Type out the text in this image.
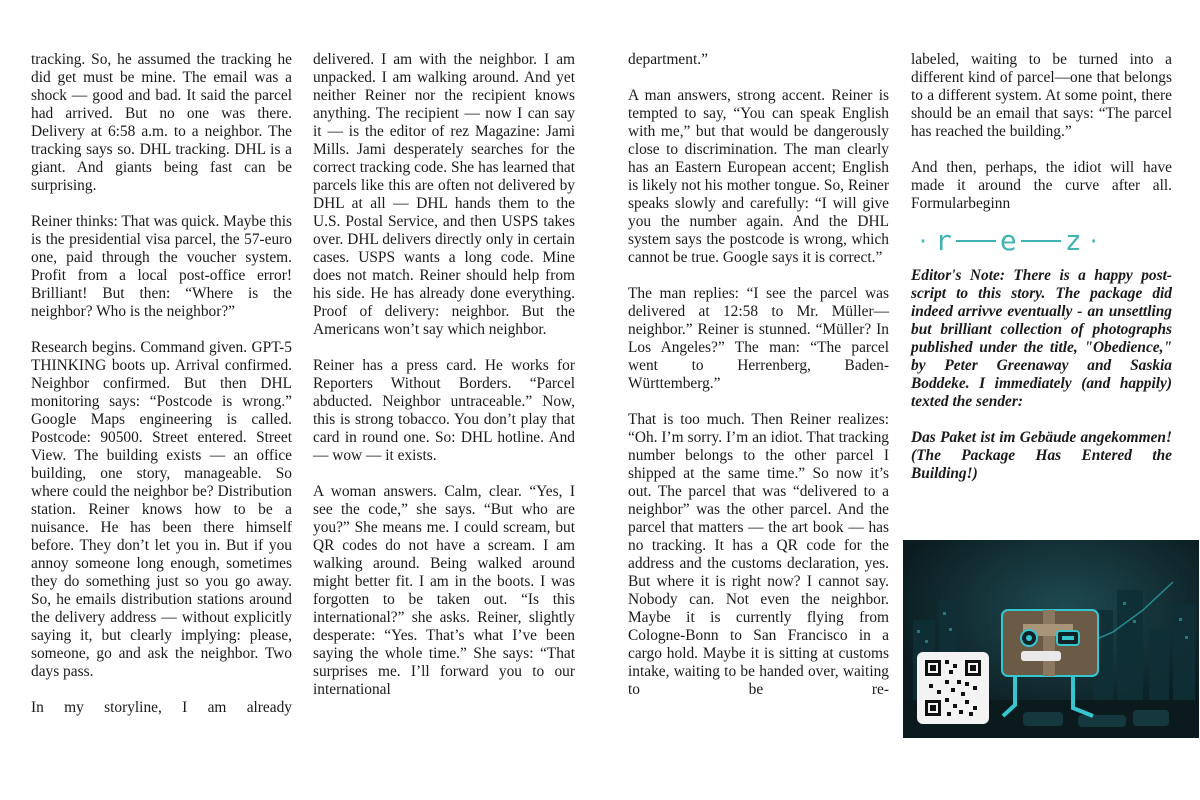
tracking. So, he assumed the tracking he did get must be mine. The email was a shock — good and bad. It said the parcel had arrived. But no one was there. Delivery at 6:58 a.m. to a neighbor. The tracking says so. DHL tracking. DHL is a giant. And giants being fast can be surprising.

Reiner thinks: That was quick. Maybe this is the presidential visa parcel, the 57-euro one, paid through the voucher system. Profit from a local post-office error! Brilliant! But then: “Where is the neighbor? Who is the neighbor?”

Research begins. Command given. GPT-5 THINKING boots up. Arrival confirmed. Neighbor confirmed. But then DHL monitoring says: “Postcode is wrong.” Google Maps engineering is called. Postcode: 90500. Street entered. Street View. The building exists — an office building, one story, manageable. So where could the neighbor be? Distribution station. Reiner knows how to be a nuisance. He has been there himself before. They don’t let you in. But if you annoy someone long enough, sometimes they do something just so you go away. So, he emails distribution stations around the delivery address — without explicitly saying it, but clearly implying: please, someone, go and ask the neighbor. Two days pass.

In my storyline, I am already

delivered. I am with the neighbor. I am unpacked. I am walking around. And yet neither Reiner nor the recipient knows anything. The recipient — now I can say it — is the editor of rez Magazine: Jami Mills. Jami desperately searches for the correct tracking code. She has learned that parcels like this are often not delivered by DHL at all — DHL hands them to the U.S. Postal Service, and then USPS takes over. DHL delivers directly only in certain cases. USPS wants a long code. Mine does not match. Reiner should help from his side. He has already done everything. Proof of delivery: neighbor. But the Americans won’t say which neighbor.

Reiner has a press card. He works for Reporters Without Borders. “Parcel abducted. Neighbor untraceable.” Now, this is strong tobacco. You don’t play that card in round one. So: DHL hotline. And — wow — it exists.

A woman answers. Calm, clear. “Yes, I see the code,” she says. “But who are you?” She means me. I could scream, but QR codes do not have a scream. I am walking around. Being walked around might better fit. I am in the boots. I was forgotten to be taken out. “Is this international?” she asks. Reiner, slightly desperate: “Yes. That’s what I’ve been saying the whole time.” She says: “That surprises me. I’ll forward you to our international

department.”

A man answers, strong accent. Reiner is tempted to say, “You can speak English with me,” but that would be dangerously close to discrimination. The man clearly has an Eastern European accent; English is likely not his mother tongue. So, Reiner speaks slowly and carefully: “I will give you the number again. And the DHL system says the postcode is wrong, which cannot be true. Google says it is correct.”

The man replies: “I see the parcel was delivered at 12:58 to Mr. Müller—neighbor.” Reiner is stunned. “Müller? In Los Angeles?” The man: “The parcel went to Herrenberg, Baden-Württemberg.”

That is too much. Then Reiner realizes: “Oh. I’m sorry. I’m an idiot. That tracking number belongs to the other parcel I shipped at the same time.” So now it’s out. The parcel that was “delivered to a neighbor” was the other parcel. And the parcel that matters — the art book — has no tracking. It has a QR code for the address and the customs declaration, yes. But where it is right now? I cannot say. Nobody can. Not even the neighbor. Maybe it is currently flying from Cologne-Bonn to San Francisco in a cargo hold. Maybe it is sitting at customs intake, waiting to be handed over, waiting to be re-

labeled, waiting to be turned into a different kind of parcel—one that belongs to a different system. At some point, there should be an email that says: “The parcel has reached the building.”

And then, perhaps, the idiot will have made it around the curve after all. Formularbeginn

· r e z ·

Editor's Note: There is a happy post-script to this story. The package did indeed arrivve eventually - an unsettling but brilliant collection of photographs published under the title, "Obedience," by Peter Greenaway and Saskia Boddeke. I immediately (and happily) texted the sender:

Das Paket ist im Gebäude angekommen! (The Package Has Entered the Building!)
